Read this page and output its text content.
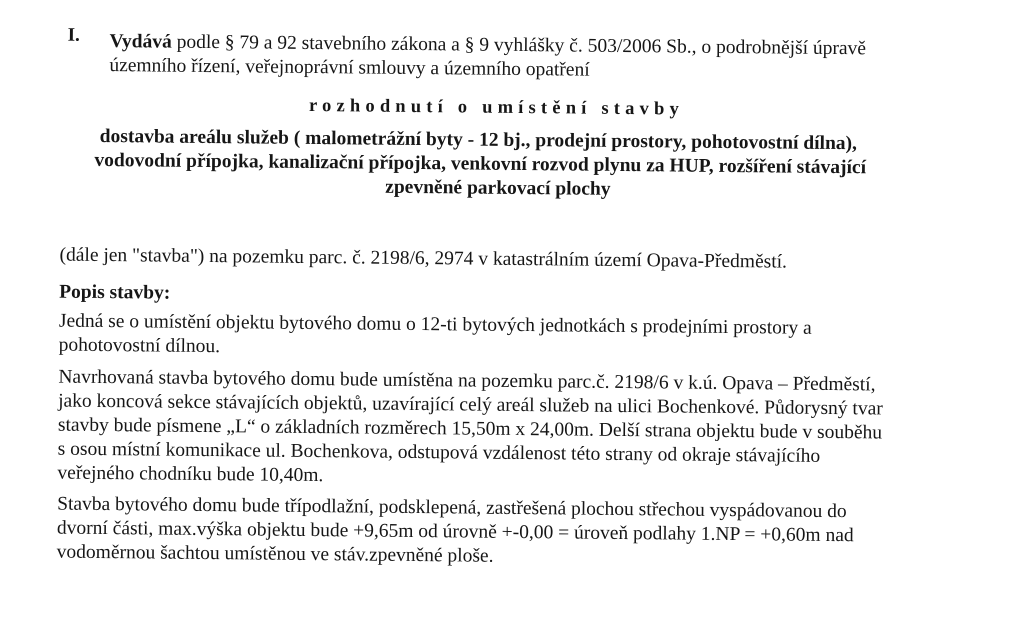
I. Vydává podle § 79 a 92 stavebního zákona a § 9 vyhlášky č. 503/2006 Sb., o podrobnější úpravě
územního řízení, veřejnoprávní smlouvy a územního opatření
rozhodnutí o umístění stavby
dostavba areálu služeb ( malometrážní byty - 12 bj., prodejní prostory, pohotovostní dílna),
vodovodní přípojka, kanalizační přípojka, venkovní rozvod plynu za HUP, rozšíření stávající
zpevněné parkovací plochy
(dále jen "stavba") na pozemku parc. č. 2198/6, 2974 v katastrálním území Opava-Předměstí.
Popis stavby:
Jedná se o umístění objektu bytového domu o 12-ti bytových jednotkách s prodejními prostory a
pohotovostní dílnou.
Navrhovaná stavba bytového domu bude umístěna na pozemku parc.č. 2198/6 v k.ú. Opava – Předměstí,
jako koncová sekce stávajících objektů, uzavírající celý areál služeb na ulici Bochenkové. Půdorysný tvar
stavby bude písmene „L“ o základních rozměrech 15,50m x 24,00m. Delší strana objektu bude v souběhu
s osou místní komunikace ul. Bochenkova, odstupová vzdálenost této strany od okraje stávajícího
veřejného chodníku bude 10,40m.
Stavba bytového domu bude třípodlažní, podsklepená, zastřešená plochou střechou vyspádovanou do
dvorní části, max.výška objektu bude +9,65m od úrovně +-0,00 = úroveň podlahy 1.NP = +0,60m nad
vodoměrnou šachtou umístěnou ve stáv.zpevněné ploše.
